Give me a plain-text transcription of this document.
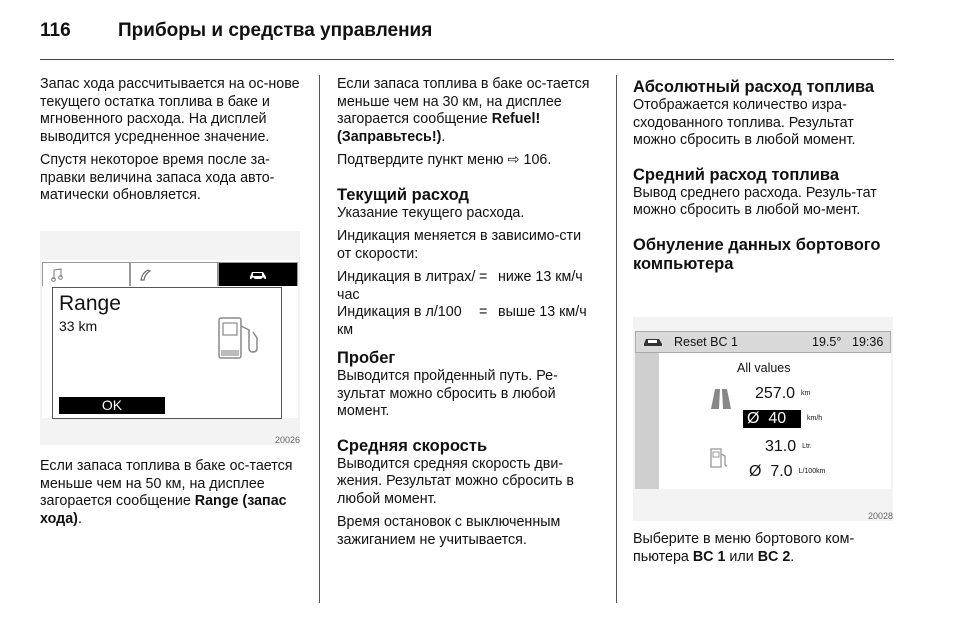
116 Приборы и средства управления

Запас хода рассчитывается на ос-нове текущего остатка топлива в баке и мгновенного расхода. На дисплей выводится усредненное значение.

Спустя некоторое время после за-правки величина запаса хода авто-матически обновляется.

Range
33 km
OK
20026

Если запаса топлива в баке ос-тается меньше чем на 50 км, на дисплее загорается сообщение Range (запас хода).

Если запаса топлива в баке ос-тается меньше чем на 30 км, на дисплее загорается сообщение Refuel! (Заправьтесь!).

Подтвердите пункт меню ⇨ 106.

Текущий расход

Указание текущего расхода.

Индикация меняется в зависимо-сти от скорости:

Индикация в литрах/час
= ниже 13 км/ч
Индикация в л/100 км
= выше 13 км/ч
Пробег

Выводится пройденный путь. Ре-зультат можно сбросить в любой момент.

Средняя скорость

Выводится средняя скорость дви-жения. Результат можно сбросить в любой момент.

Время остановок с выключенным зажиганием не учитывается.

Абсолютный расход топлива

Отображается количество изра-сходованного топлива. Результат можно сбросить в любой момент.

Средний расход топлива

Вывод среднего расхода. Резуль-тат можно сбросить в любой мо-мент.

Обнуление данных бортового компьютера
Reset BC 1	19.5° 19:36
All values
257.0 km
Ø  40	km/h
31.0 Ltr.
Ø  7.0 L/100km
20028

Выберите в меню бортового ком-пьютера BC 1 или BC 2.
